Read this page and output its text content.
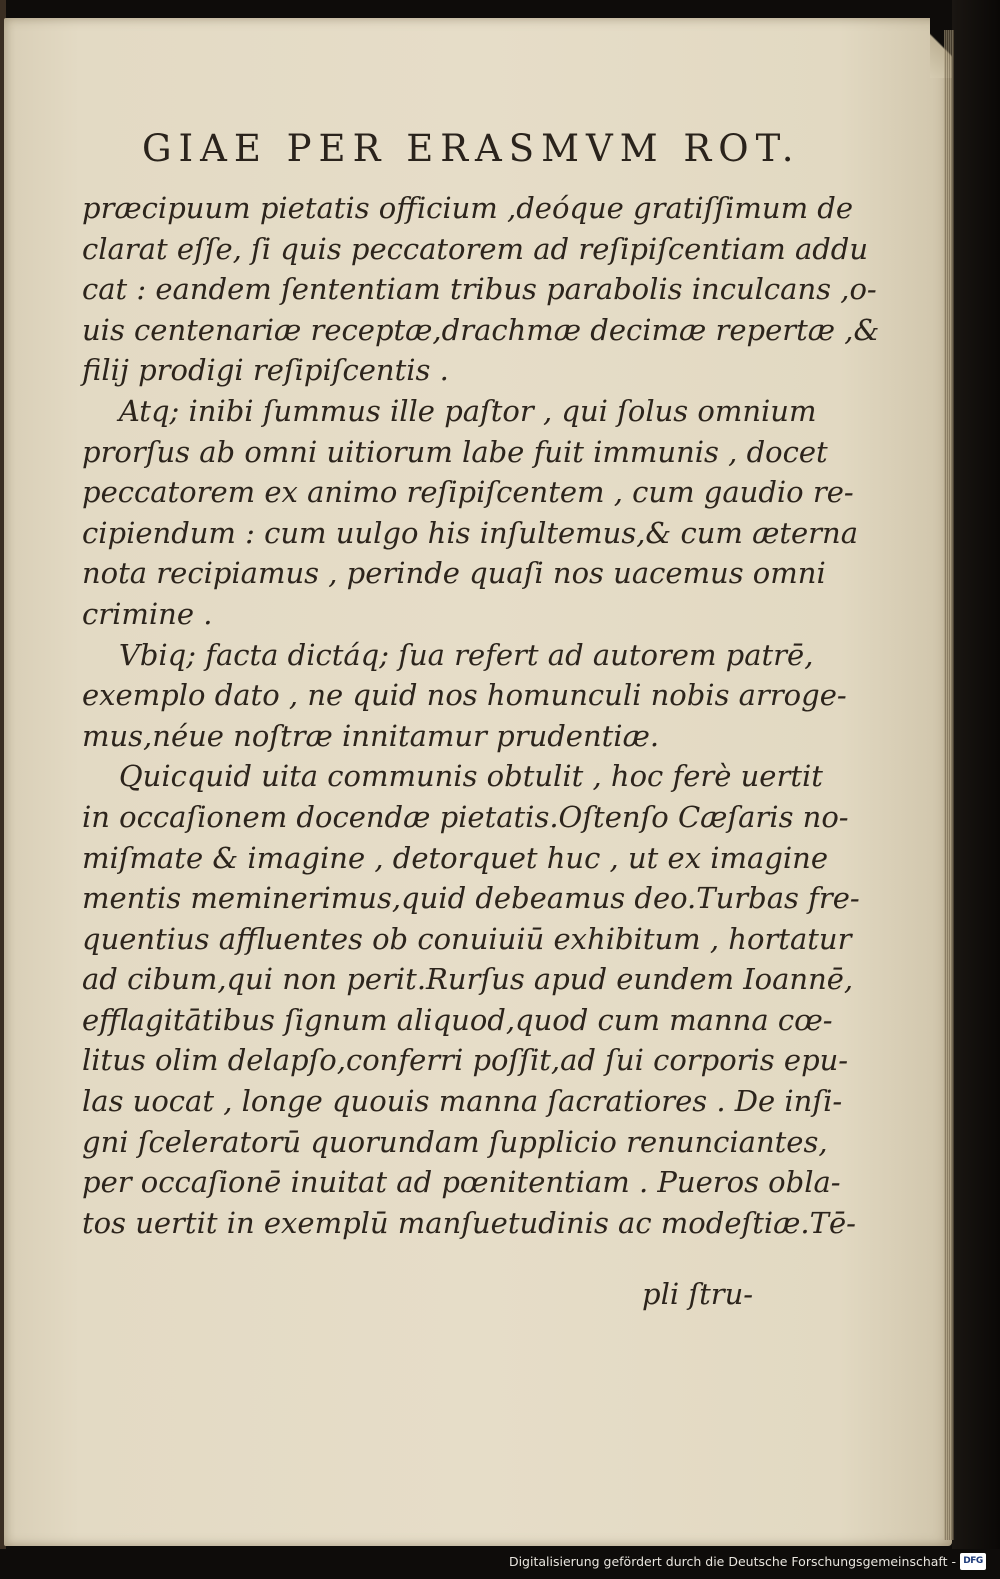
GIAE PER ERASMVM ROT.
præcipuum pietatis officium ,deóque gratiſſimum de
clarat eſſe, ſi quis peccatorem ad reſipiſcentiam addu
cat : eandem ſententiam tribus parabolis inculcans ,o-
uis centenariæ receptæ,drachmæ decimæ repertæ ,&
filij prodigi reſipiſcentis .
Atq; inibi ſummus ille paſtor , qui ſolus omnium
prorſus ab omni uitiorum labe fuit immunis , docet
peccatorem ex animo reſipiſcentem , cum gaudio re-
cipiendum : cum uulgo his inſultemus,& cum æterna
nota recipiamus , perinde quaſi nos uacemus omni
crimine .
Vbiq; facta dictáq; ſua refert ad autorem patrē,
exemplo dato , ne quid nos homunculi nobis arroge-
mus,néue noſtræ innitamur prudentiæ.
Quicquid uita communis obtulit , hoc ferè uertit
in occaſionem docendæ pietatis.Oſtenſo Cæſaris no-
miſmate & imagine , detorquet huc , ut ex imagine
mentis meminerimus,quid debeamus deo.Turbas fre-
quentius affluentes ob conuiuiū exhibitum , hortatur
ad cibum,qui non perit.Rurſus apud eundem Ioannē,
efflagitātibus ſignum aliquod,quod cum manna cœ-
litus olim delapſo,conferri poſſit,ad ſui corporis epu-
las uocat , longe quouis manna ſacratiores . De inſi-
gni ſceleratorū quorundam ſupplicio renunciantes,
per occaſionē inuitat ad pœnitentiam . Pueros obla-
tos uertit in exemplū manſuetudinis ac modeſtiæ.Tē-
pli ſtru-
Digitalisierung gefördert durch die Deutsche Forschungsgemeinschaft - DFG
